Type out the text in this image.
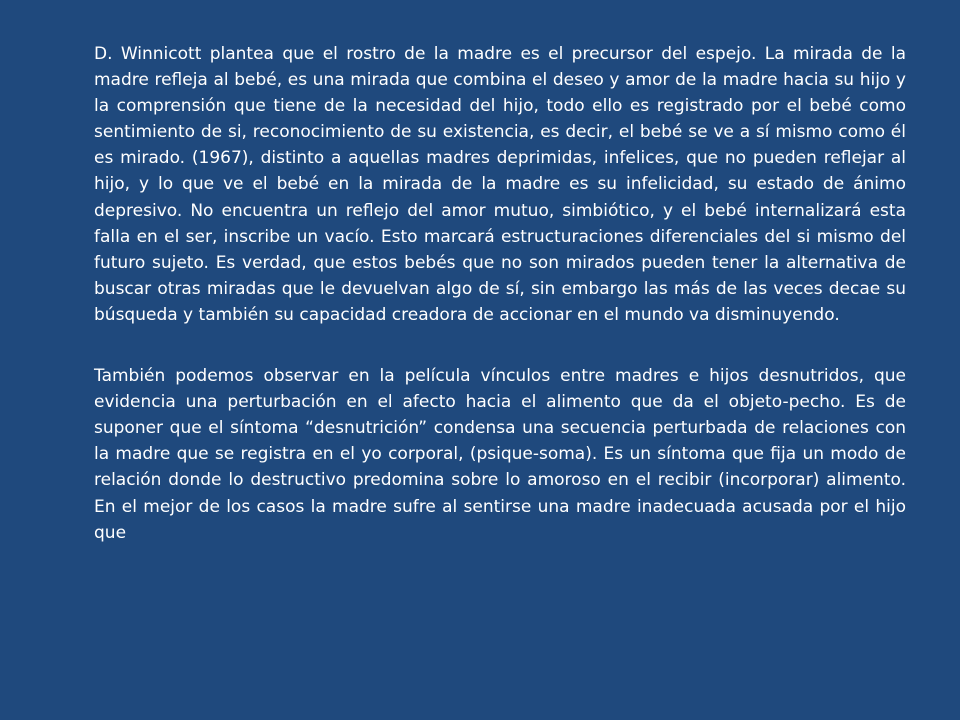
D. Winnicott plantea que el rostro de la madre es el precursor del espejo. La mirada de la madre refleja al bebé, es una mirada que combina el deseo y amor de la madre hacia su hijo y la comprensión que tiene de la necesidad del hijo, todo ello es registrado por el bebé como sentimiento de si, reconocimiento de su existencia, es decir, el bebé se ve a sí mismo como él es mirado. (1967), distinto a aquellas madres deprimidas, infelices, que no pueden reflejar al hijo, y lo que ve el bebé en la mirada de la madre es su infelicidad, su estado de ánimo depresivo. No encuentra un reflejo del amor mutuo, simbiótico, y el bebé internalizará esta falla en el ser, inscribe un vacío. Esto marcará estructuraciones diferenciales del si mismo del futuro sujeto. Es verdad, que estos bebés que no son mirados pueden tener la alternativa de buscar otras miradas que le devuelvan algo de sí, sin embargo las más de las veces decae su búsqueda y también su capacidad creadora de accionar en el mundo va disminuyendo.

También podemos observar en la película vínculos entre madres e hijos desnutridos, que evidencia una perturbación en el afecto hacia el alimento que da el objeto-pecho. Es de suponer que el síntoma “desnutrición” condensa una secuencia perturbada de relaciones con la madre que se registra en el yo corporal, (psique-soma). Es un síntoma que fija un modo de relación donde lo destructivo predomina sobre lo amoroso en el recibir (incorporar) alimento. En el mejor de los casos la madre sufre al sentirse una madre inadecuada acusada por el hijo que
